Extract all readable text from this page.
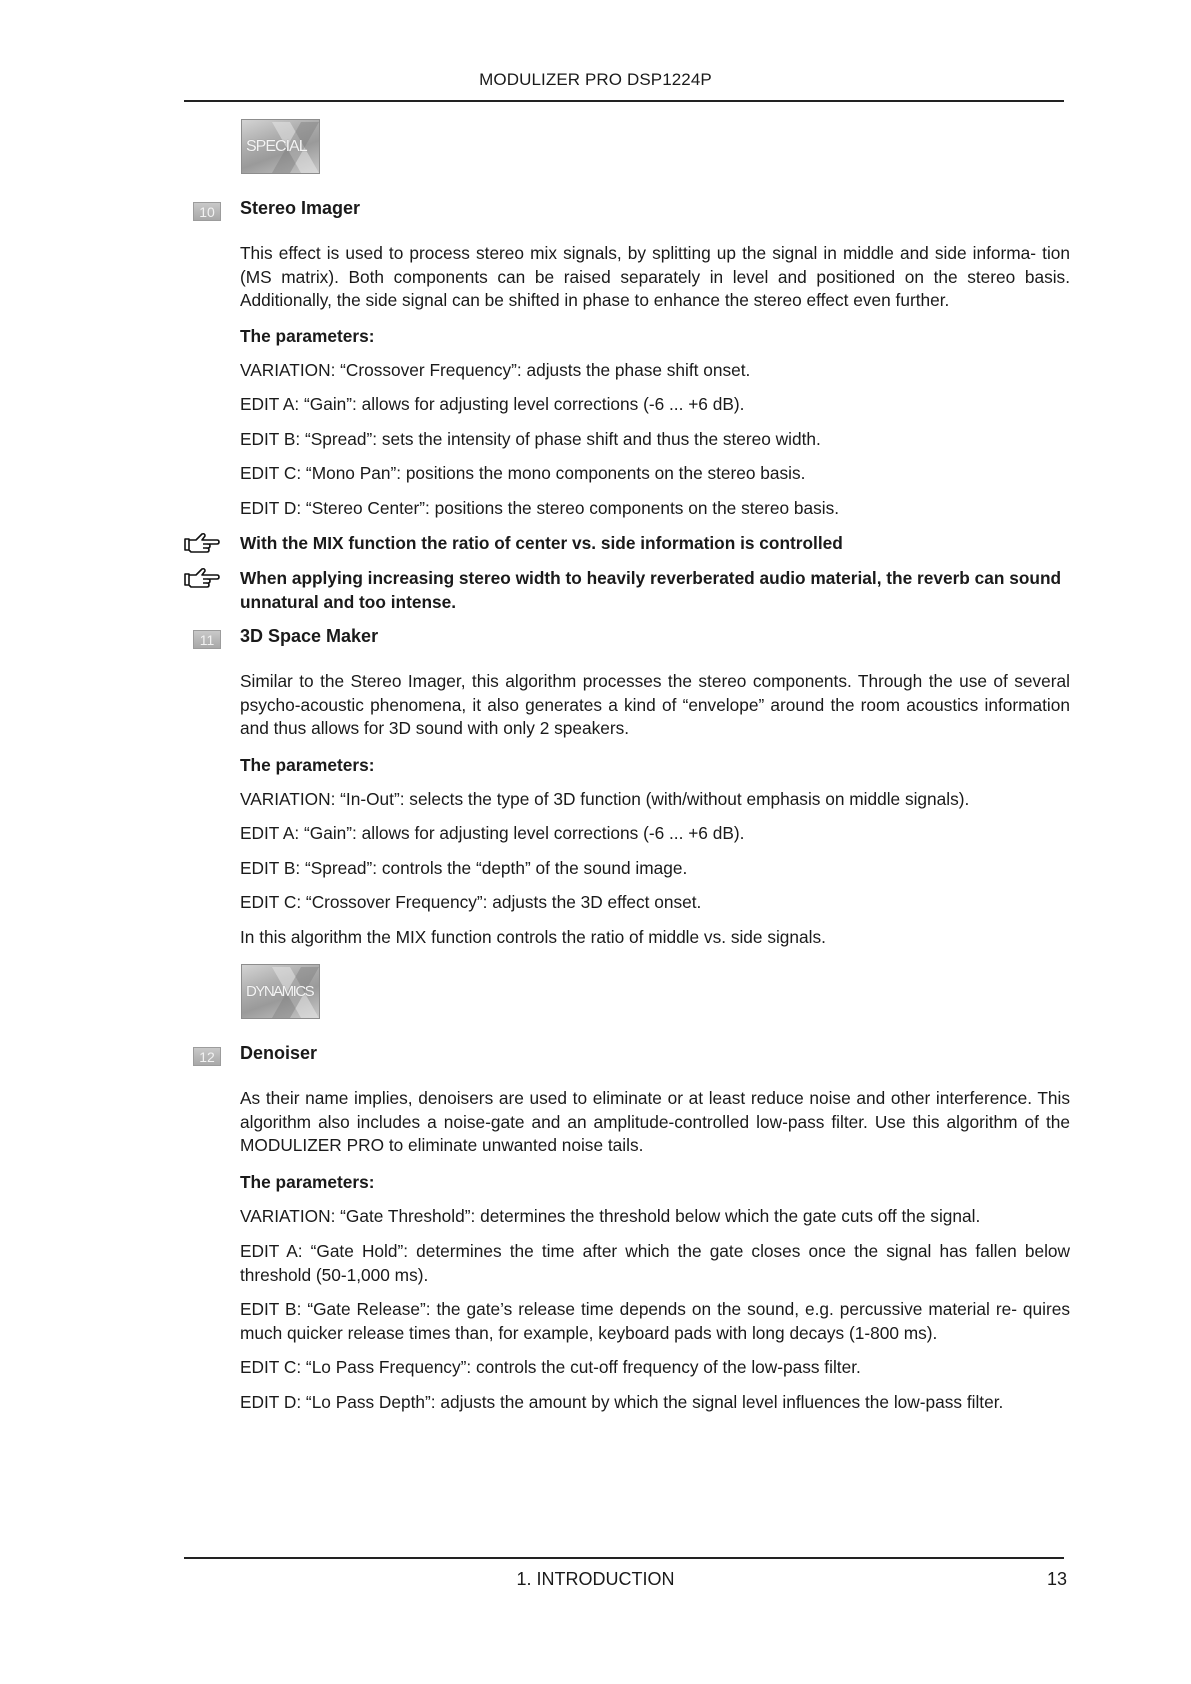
MODULIZER PRO DSP1224P
SPECIAL
10	Stereo Imager
This effect is used to process stereo mix signals, by splitting up the signal in middle and side informa- tion (MS matrix). Both components can be raised separately in level and positioned on the stereo basis. Additionally, the side signal can be shifted in phase to enhance the stereo effect even further.
The parameters:
VARIATION: “Crossover Frequency”: adjusts the phase shift onset.
EDIT A: “Gain”: allows for adjusting level corrections (-6 ... +6 dB).
EDIT B: “Spread”: sets the intensity of phase shift and thus the stereo width.
EDIT C: “Mono Pan”: positions the mono components on the stereo basis.
EDIT D: “Stereo Center”: positions the stereo components on the stereo basis.
With the MIX function the ratio of center vs. side information is controlled
When applying increasing stereo width to heavily reverberated audio material, the reverb can sound unnatural and too intense.
11	3D Space Maker
Similar to the Stereo Imager, this algorithm processes the stereo components. Through the use of several psycho-acoustic phenomena, it also generates a kind of “envelope” around the room acoustics information and thus allows for 3D sound with only 2 speakers.
The parameters:
VARIATION: “In-Out”: selects the type of 3D function (with/without emphasis on middle signals).
EDIT A: “Gain”: allows for adjusting level corrections (-6 ... +6 dB).
EDIT B: “Spread”: controls the “depth” of the sound image.
EDIT C: “Crossover Frequency”: adjusts the 3D effect onset.
In this algorithm the MIX function controls the ratio of middle vs. side signals.
DYNAMICS
12	Denoiser
As their name implies, denoisers are used to eliminate or at least reduce noise and other interference. This algorithm also includes a noise-gate and an amplitude-controlled low-pass filter. Use this algorithm of the MODULIZER PRO to eliminate unwanted noise tails.
The parameters:
VARIATION: “Gate Threshold”: determines the threshold below which the gate cuts off the signal.
EDIT A: “Gate Hold”: determines the time after which the gate closes once the signal has fallen below threshold (50-1,000 ms).
EDIT B: “Gate Release”: the gate’s release time depends on the sound, e.g. percussive material re- quires much quicker release times than, for example, keyboard pads with long decays (1-800 ms).
EDIT C: “Lo Pass Frequency”: controls the cut-off frequency of the low-pass filter.
EDIT D: “Lo Pass Depth”: adjusts the amount by which the signal level influences the low-pass filter.
1. INTRODUCTION	13
